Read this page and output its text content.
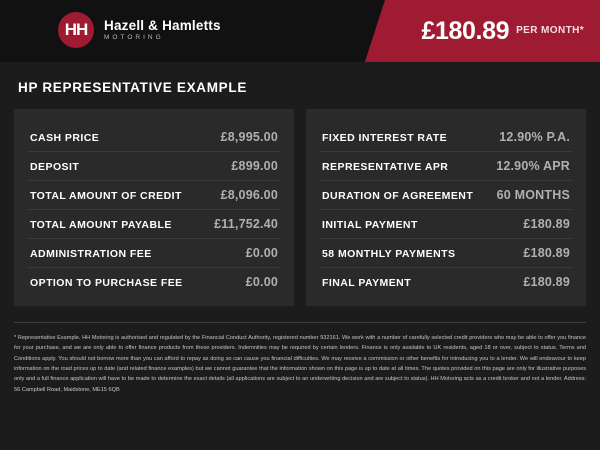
HH	Hazell & Hamletts
MOTORING	£180.89 PER MONTH*
HP REPRESENTATIVE EXAMPLE
CASH PRICE	£8,995.00
DEPOSIT	£899.00
TOTAL AMOUNT OF CREDIT	£8,096.00
TOTAL AMOUNT PAYABLE	£11,752.40
ADMINISTRATION FEE	£0.00
OPTION TO PURCHASE FEE	£0.00
FIXED INTEREST RATE	12.90% P.A.
REPRESENTATIVE APR	12.90% APR
DURATION OF AGREEMENT 60 MONTHS
INITIAL PAYMENT	£180.89
58 MONTHLY PAYMENTS	£180.89
FINAL PAYMENT	£180.89
* Representative Example. HH Motoring is authorised and regulated by the Financial Conduct Authority, registered number 932161. We work with a number of carefully selected credit providers who may be able to offer you finance for your purchase, and we are only able to offer finance products from these providers. Indemnities may be required by certain lenders. Finance is only available to UK residents, aged 18 or over, subject to status. Terms and Conditions apply. You should not borrow more than you can afford to repay as doing so can cause you financial difficulties. We may receive a commission or other benefits for introducing you to a lender. We will endeavour to keep information on the road prices up to date (and related finance examples) but we cannot guarantee that the information shown on this page is up to date at all times. The quotes provided on this page are only for illustrative purposes only and a full finance application will have to be made to determine the exact details (all applications are subject to an underwriting decision and are subject to status). HH Motoring acts as a credit broker and not a lender. Address: 56 Campbell Road, Maidstone, ME15 6QB
